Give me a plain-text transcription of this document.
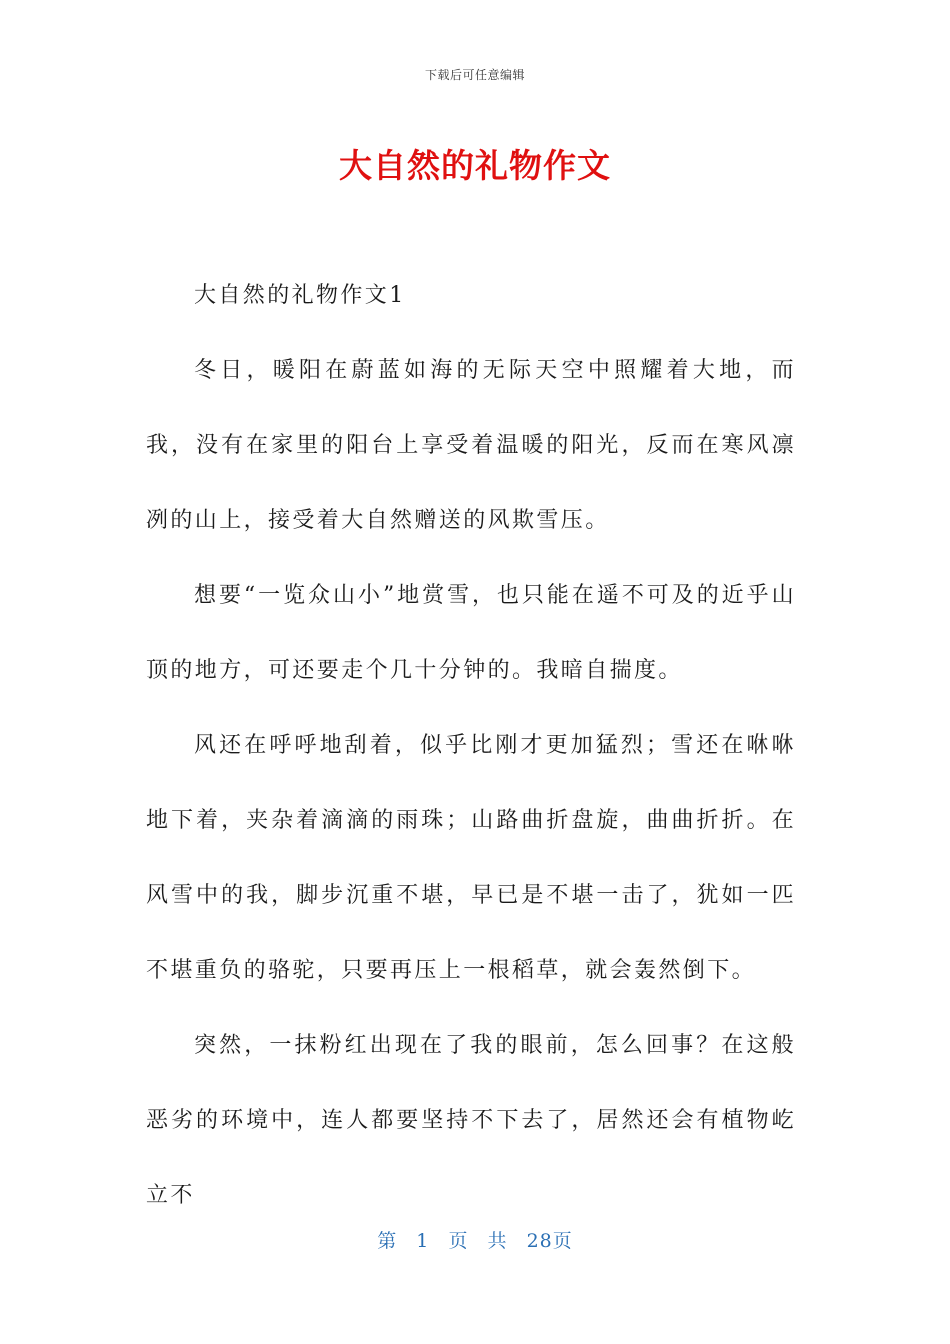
下载后可任意编辑
大自然的礼物作文

大自然的礼物作文1

冬日，暖阳在蔚蓝如海的无际天空中照耀着大地，而我，没有在家里的阳台上享受着温暖的阳光，反而在寒风凛冽的山上，接受着大自然赠送的风欺雪压。

想要“一览众山小”地赏雪，也只能在遥不可及的近乎山顶的地方，可还要走个几十分钟的。我暗自揣度。

风还在呼呼地刮着，似乎比刚才更加猛烈；雪还在咻咻地下着，夹杂着滴滴的雨珠；山路曲折盘旋，曲曲折折。在风雪中的我，脚步沉重不堪，早已是不堪一击了，犹如一匹不堪重负的骆驼，只要再压上一根稻草，就会轰然倒下。

突然，一抹粉红出现在了我的眼前，怎么回事？在这般恶劣的环境中，连人都要坚持不下去了，居然还会有植物屹立不

第 1 页 共 28页
